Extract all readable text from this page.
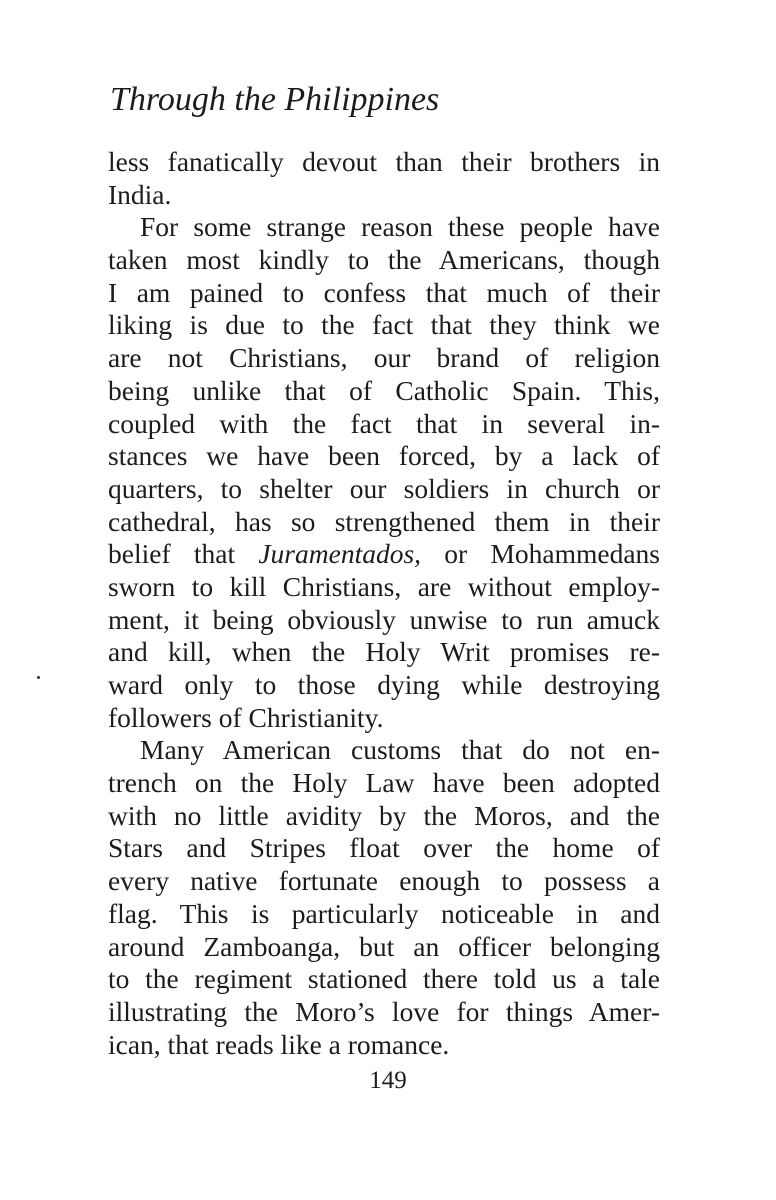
Through the Philippines
less fanatically devout than their brothers in
India.
For some strange reason these people have
taken most kindly to the Americans, though
I am pained to confess that much of their
liking is due to the fact that they think we
are not Christians, our brand of religion
being unlike that of Catholic Spain. This,
coupled with the fact that in several in-
stances we have been forced, by a lack of
quarters, to shelter our soldiers in church or
cathedral, has so strengthened them in their
belief that Juramentados, or Mohammedans
sworn to kill Christians, are without employ-
ment, it being obviously unwise to run amuck
and kill, when the Holy Writ promises re-
ward only to those dying while destroying
followers of Christianity.
Many American customs that do not en-
trench on the Holy Law have been adopted
with no little avidity by the Moros, and the
Stars and Stripes float over the home of
every native fortunate enough to possess a
flag. This is particularly noticeable in and
around Zamboanga, but an officer belonging
to the regiment stationed there told us a tale
illustrating the Moro’s love for things Amer-
ican, that reads like a romance.
149
